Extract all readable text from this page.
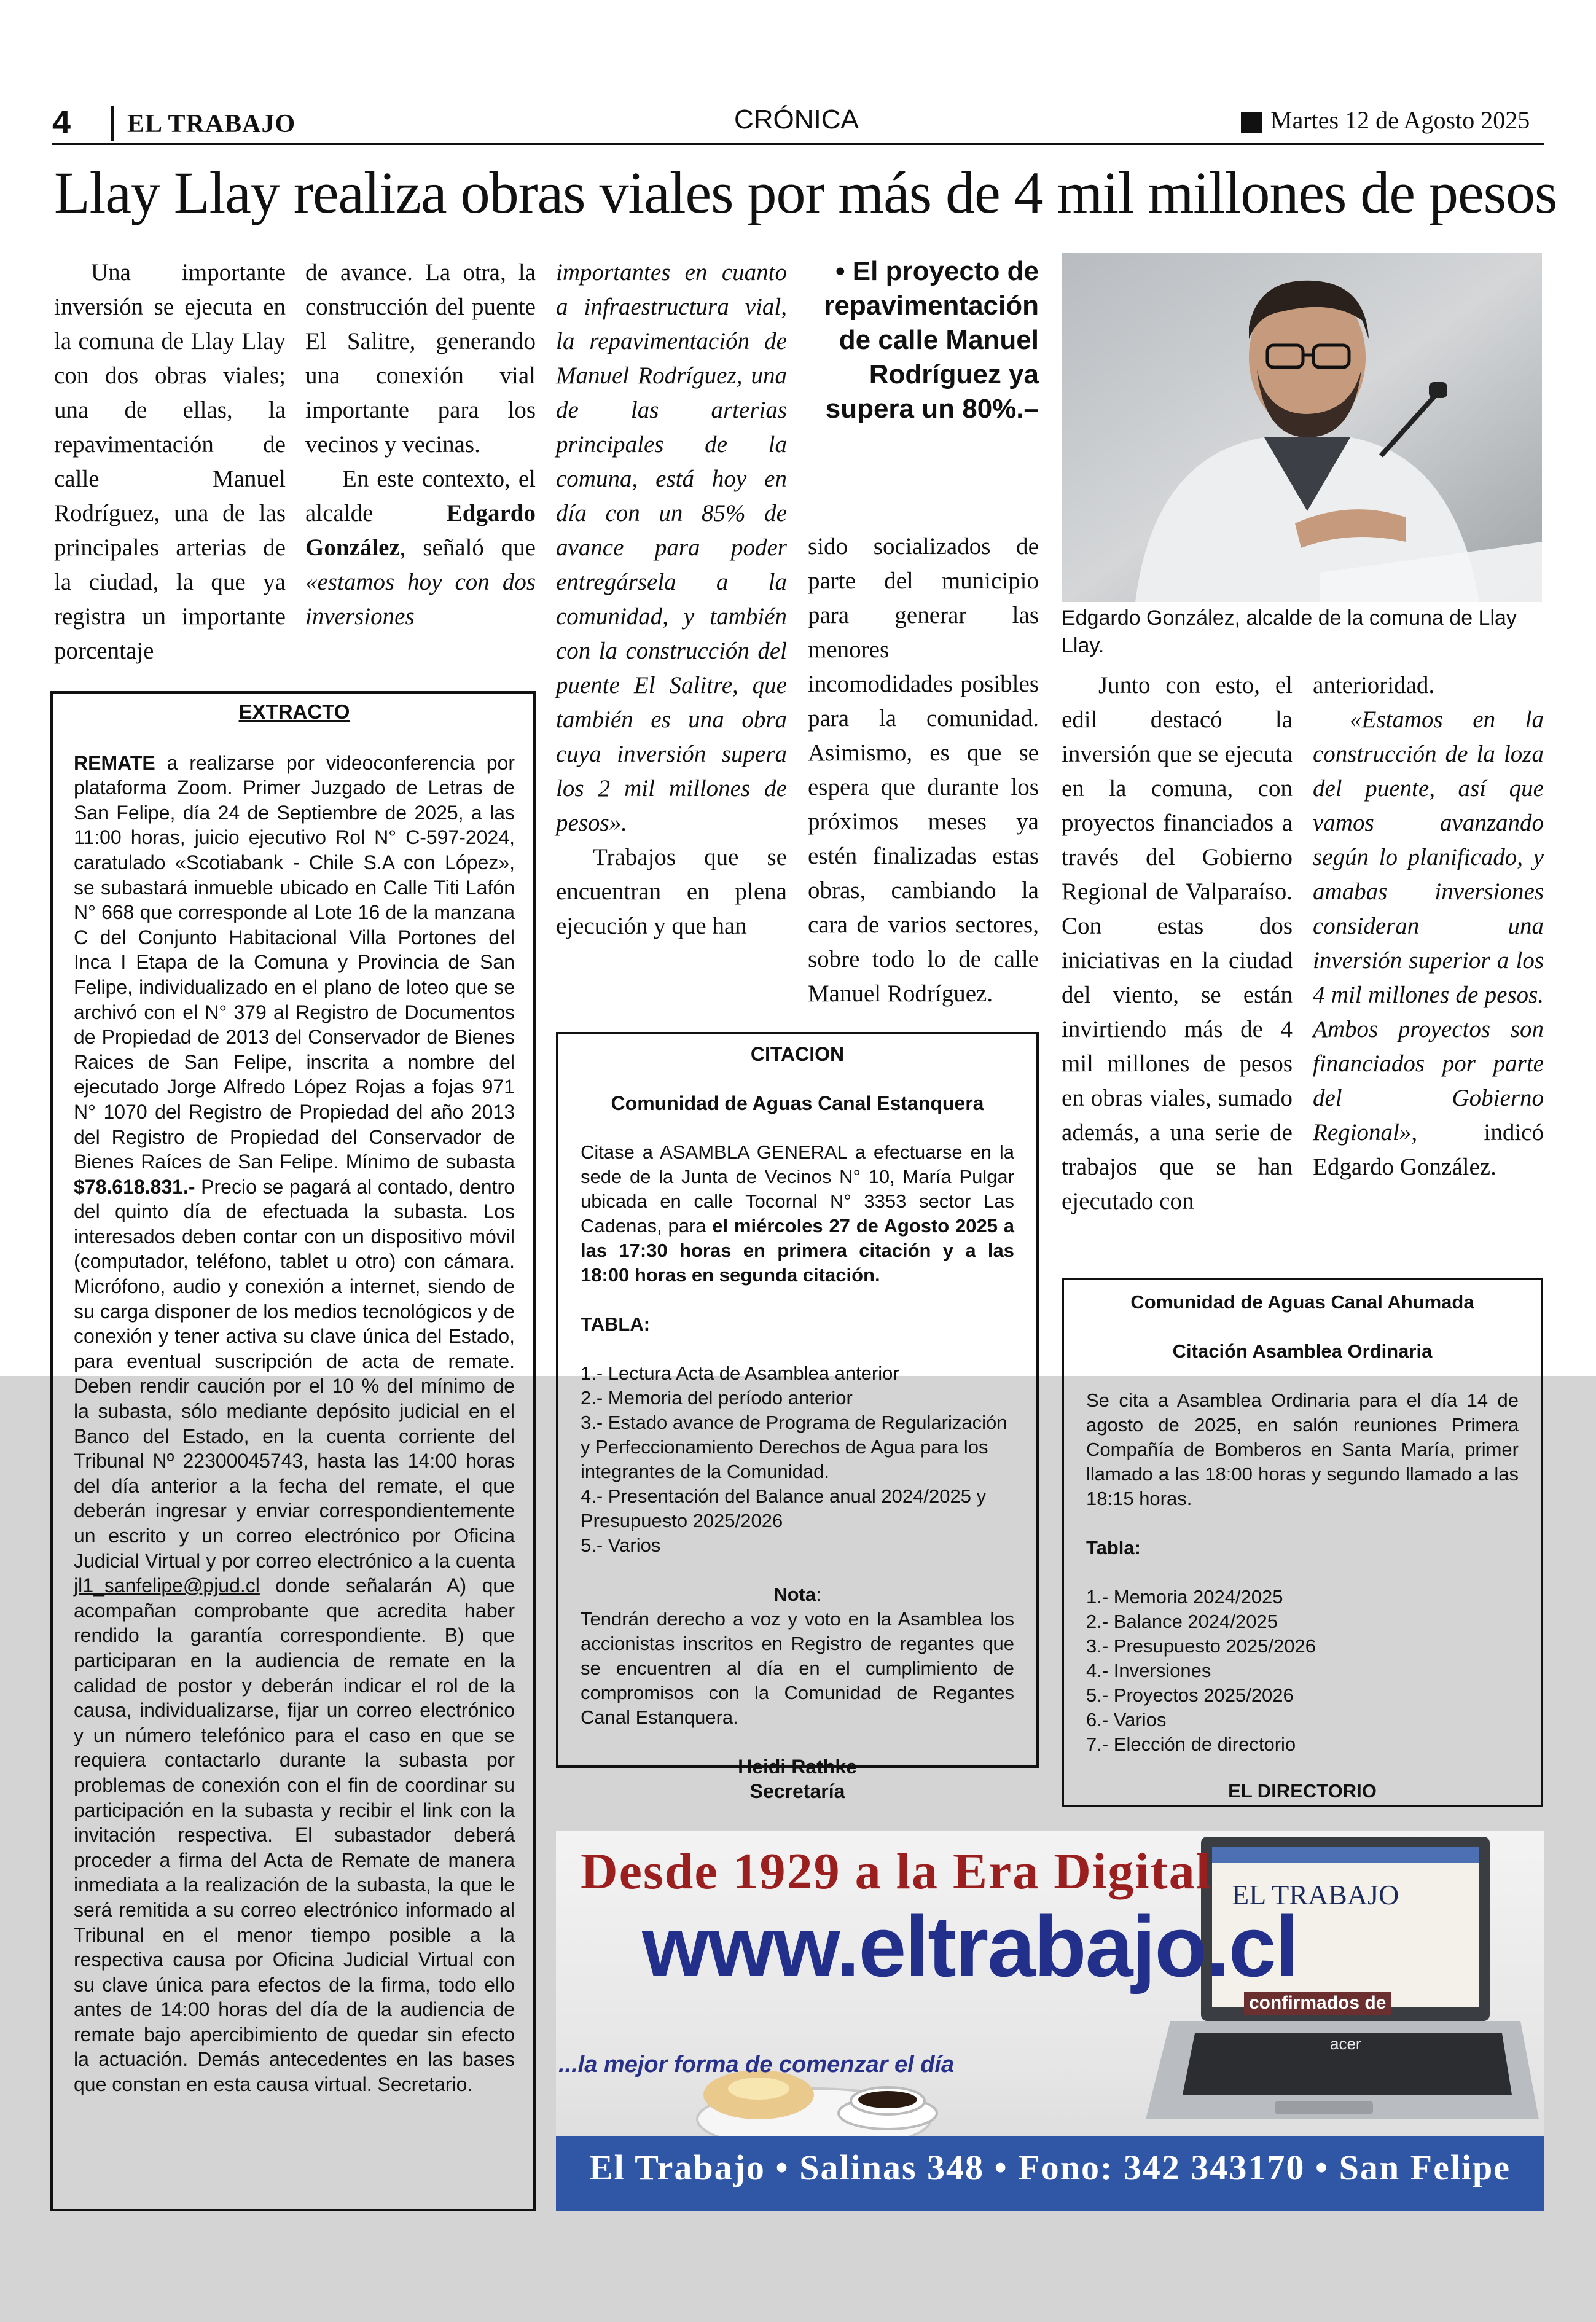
4 EL TRABAJO	CRÓNICA	Martes 12 de Agosto 2025
Llay Llay realiza obras viales por más de 4 mil millones de pesos

Una importante inversión se ejecuta en la comuna de Llay Llay con dos obras viales; una de ellas, la repavimentación de calle Manuel Rodríguez, una de las principales arterias de la ciudad, la que ya registra un importante porcentaje

de avance. La otra, la construcción del puente El Salitre, generando una conexión vial importante para los vecinos y vecinas.

En este contexto, el alcalde Edgardo González, señaló que «estamos hoy con dos inversiones

importantes en cuanto a infraestructura vial, la repavimentación de Manuel Rodríguez, una de las arterias principales de la comuna, está hoy en día con un 85% de avance para poder entregársela a la comunidad, y también con la construcción del puente El Salitre, que también es una obra cuya inversión supera los 2 mil millones de pesos».

Trabajos que se encuentran en plena ejecución y que han

• El proyecto de repavimentación de calle Manuel Rodríguez ya supera un 80%.–

sido socializados de parte del municipio para generar las menores incomodidades posibles para la comunidad. Asimismo, es que se espera que durante los próximos meses ya estén finalizadas estas obras, cambiando la cara de varios sectores, sobre todo lo de calle Manuel Rodríguez.

Edgardo González, alcalde de la comuna de Llay Llay.

Junto con esto, el edil destacó la inversión que se ejecuta en la comuna, con proyectos financiados a través del Gobierno Regional de Valparaíso. Con estas dos iniciativas en la ciudad del viento, se están invirtiendo más de 4 mil millones de pesos en obras viales, sumado además, a una serie de trabajos que se han ejecutado con

anterioridad.

«Estamos en la construcción de la loza del puente, así que vamos avanzando según lo planificado, y amabas inversiones consideran una inversión superior a los 4 mil millones de pesos. Ambos proyectos son financiados por parte del Gobierno Regional», indicó Edgardo González.

EXTRACTO

REMATE a realizarse por videoconferencia por plataforma Zoom. Primer Juzgado de Letras de San Felipe, día 24 de Septiembre de 2025, a las 11:00 horas, juicio ejecutivo Rol N° C-597-2024, caratulado «Scotiabank - Chile S.A con López», se subastará inmueble ubicado en Calle Titi Lafón N° 668 que corresponde al Lote 16 de la manzana C del Conjunto Habitacional Villa Portones del Inca I Etapa de la Comuna y Provincia de San Felipe, individualizado en el plano de loteo que se archivó con el N° 379 al Registro de Documentos de Propiedad de 2013 del Conservador de Bienes Raices de San Felipe, inscrita a nombre del ejecutado Jorge Alfredo López Rojas a fojas 971 N° 1070 del Registro de Propiedad del año 2013 del Registro de Propiedad del Conservador de Bienes Raíces de San Felipe. Mínimo de subasta $78.618.831.- Precio se pagará al contado, dentro del quinto día de efectuada la subasta. Los interesados deben contar con un dispositivo móvil (computador, teléfono, tablet u otro) con cámara. Micrófono, audio y conexión a internet, siendo de su carga disponer de los medios tecnológicos y de conexión y tener activa su clave única del Estado, para eventual suscripción de acta de remate. Deben rendir caución por el 10 % del mínimo de la subasta, sólo mediante depósito judicial en el Banco del Estado, en la cuenta corriente del Tribunal Nº 22300045743, hasta las 14:00 horas del día anterior a la fecha del remate, el que deberán ingresar y enviar correspondientemente un escrito y un correo electrónico por Oficina Judicial Virtual y por correo electrónico a la cuenta jl1_sanfelipe@pjud.cl donde señalarán A) que acompañan comprobante que acredita haber rendido la garantía correspondiente. B) que participaran en la audiencia de remate en la calidad de postor y deberán indicar el rol de la causa, individualizarse, fijar un correo electrónico y un número telefónico para el caso en que se requiera contactarlo durante la subasta por problemas de conexión con el fin de coordinar su participación en la subasta y recibir el link con la invitación respectiva. El subastador deberá proceder a firma del Acta de Remate de manera inmediata a la realización de la subasta, la que le será remitida a su correo electrónico informado al Tribunal en el menor tiempo posible a la respectiva causa por Oficina Judicial Virtual con su clave única para efectos de la firma, todo ello antes de 14:00 horas del día de la audiencia de remate bajo apercibimiento de quedar sin efecto la actuación. Demás antecedentes en las bases que constan en esta causa virtual. Secretario.

CITACION
Comunidad de Aguas Canal Estanquera

Citase a ASAMBLA GENERAL a efectuarse en la sede de la Junta de Vecinos N° 10, María Pulgar ubicada en calle Tocornal N° 3353 sector Las Cadenas, para el miércoles 27 de Agosto 2025 a las 17:30 horas en primera citación y a las 18:00 horas en segunda citación.

TABLA:

1.- Lectura Acta de Asamblea anterior

2.- Memoria del período anterior

3.- Estado avance de Programa de Regularización y Perfeccionamiento Derechos de Agua para los integrantes de la Comunidad.

4.- Presentación del Balance anual 2024/2025 y Presupuesto 2025/2026

5.- Varios

Nota:

Tendrán derecho a voz y voto en la Asamblea los accionistas inscritos en Registro de regantes que se encuentren al día en el cumplimiento de compromisos con la Comunidad de Regantes Canal Estanquera.

Heidi Rathke
Secretaría
Comunidad de Aguas Canal Ahumada
Citación Asamblea Ordinaria

Se cita a Asamblea Ordinaria para el día 14 de agosto de 2025, en salón reuniones Primera Compañía de Bomberos en Santa María, primer llamado a las 18:00 horas y segundo llamado a las 18:15 horas.

Tabla:

1.- Memoria 2024/2025

2.- Balance 2024/2025

3.- Presupuesto 2025/2026

4.- Inversiones

5.- Proyectos 2025/2026

6.- Varios

7.- Elección de directorio

EL DIRECTORIO
Desde 1929 a la Era Digital EL TRABAJO
confirmados de
acer
www.eltrabajo.cl
...la mejor forma de comenzar el día
El Trabajo • Salinas 348 • Fono: 342 343170 • San Felipe
